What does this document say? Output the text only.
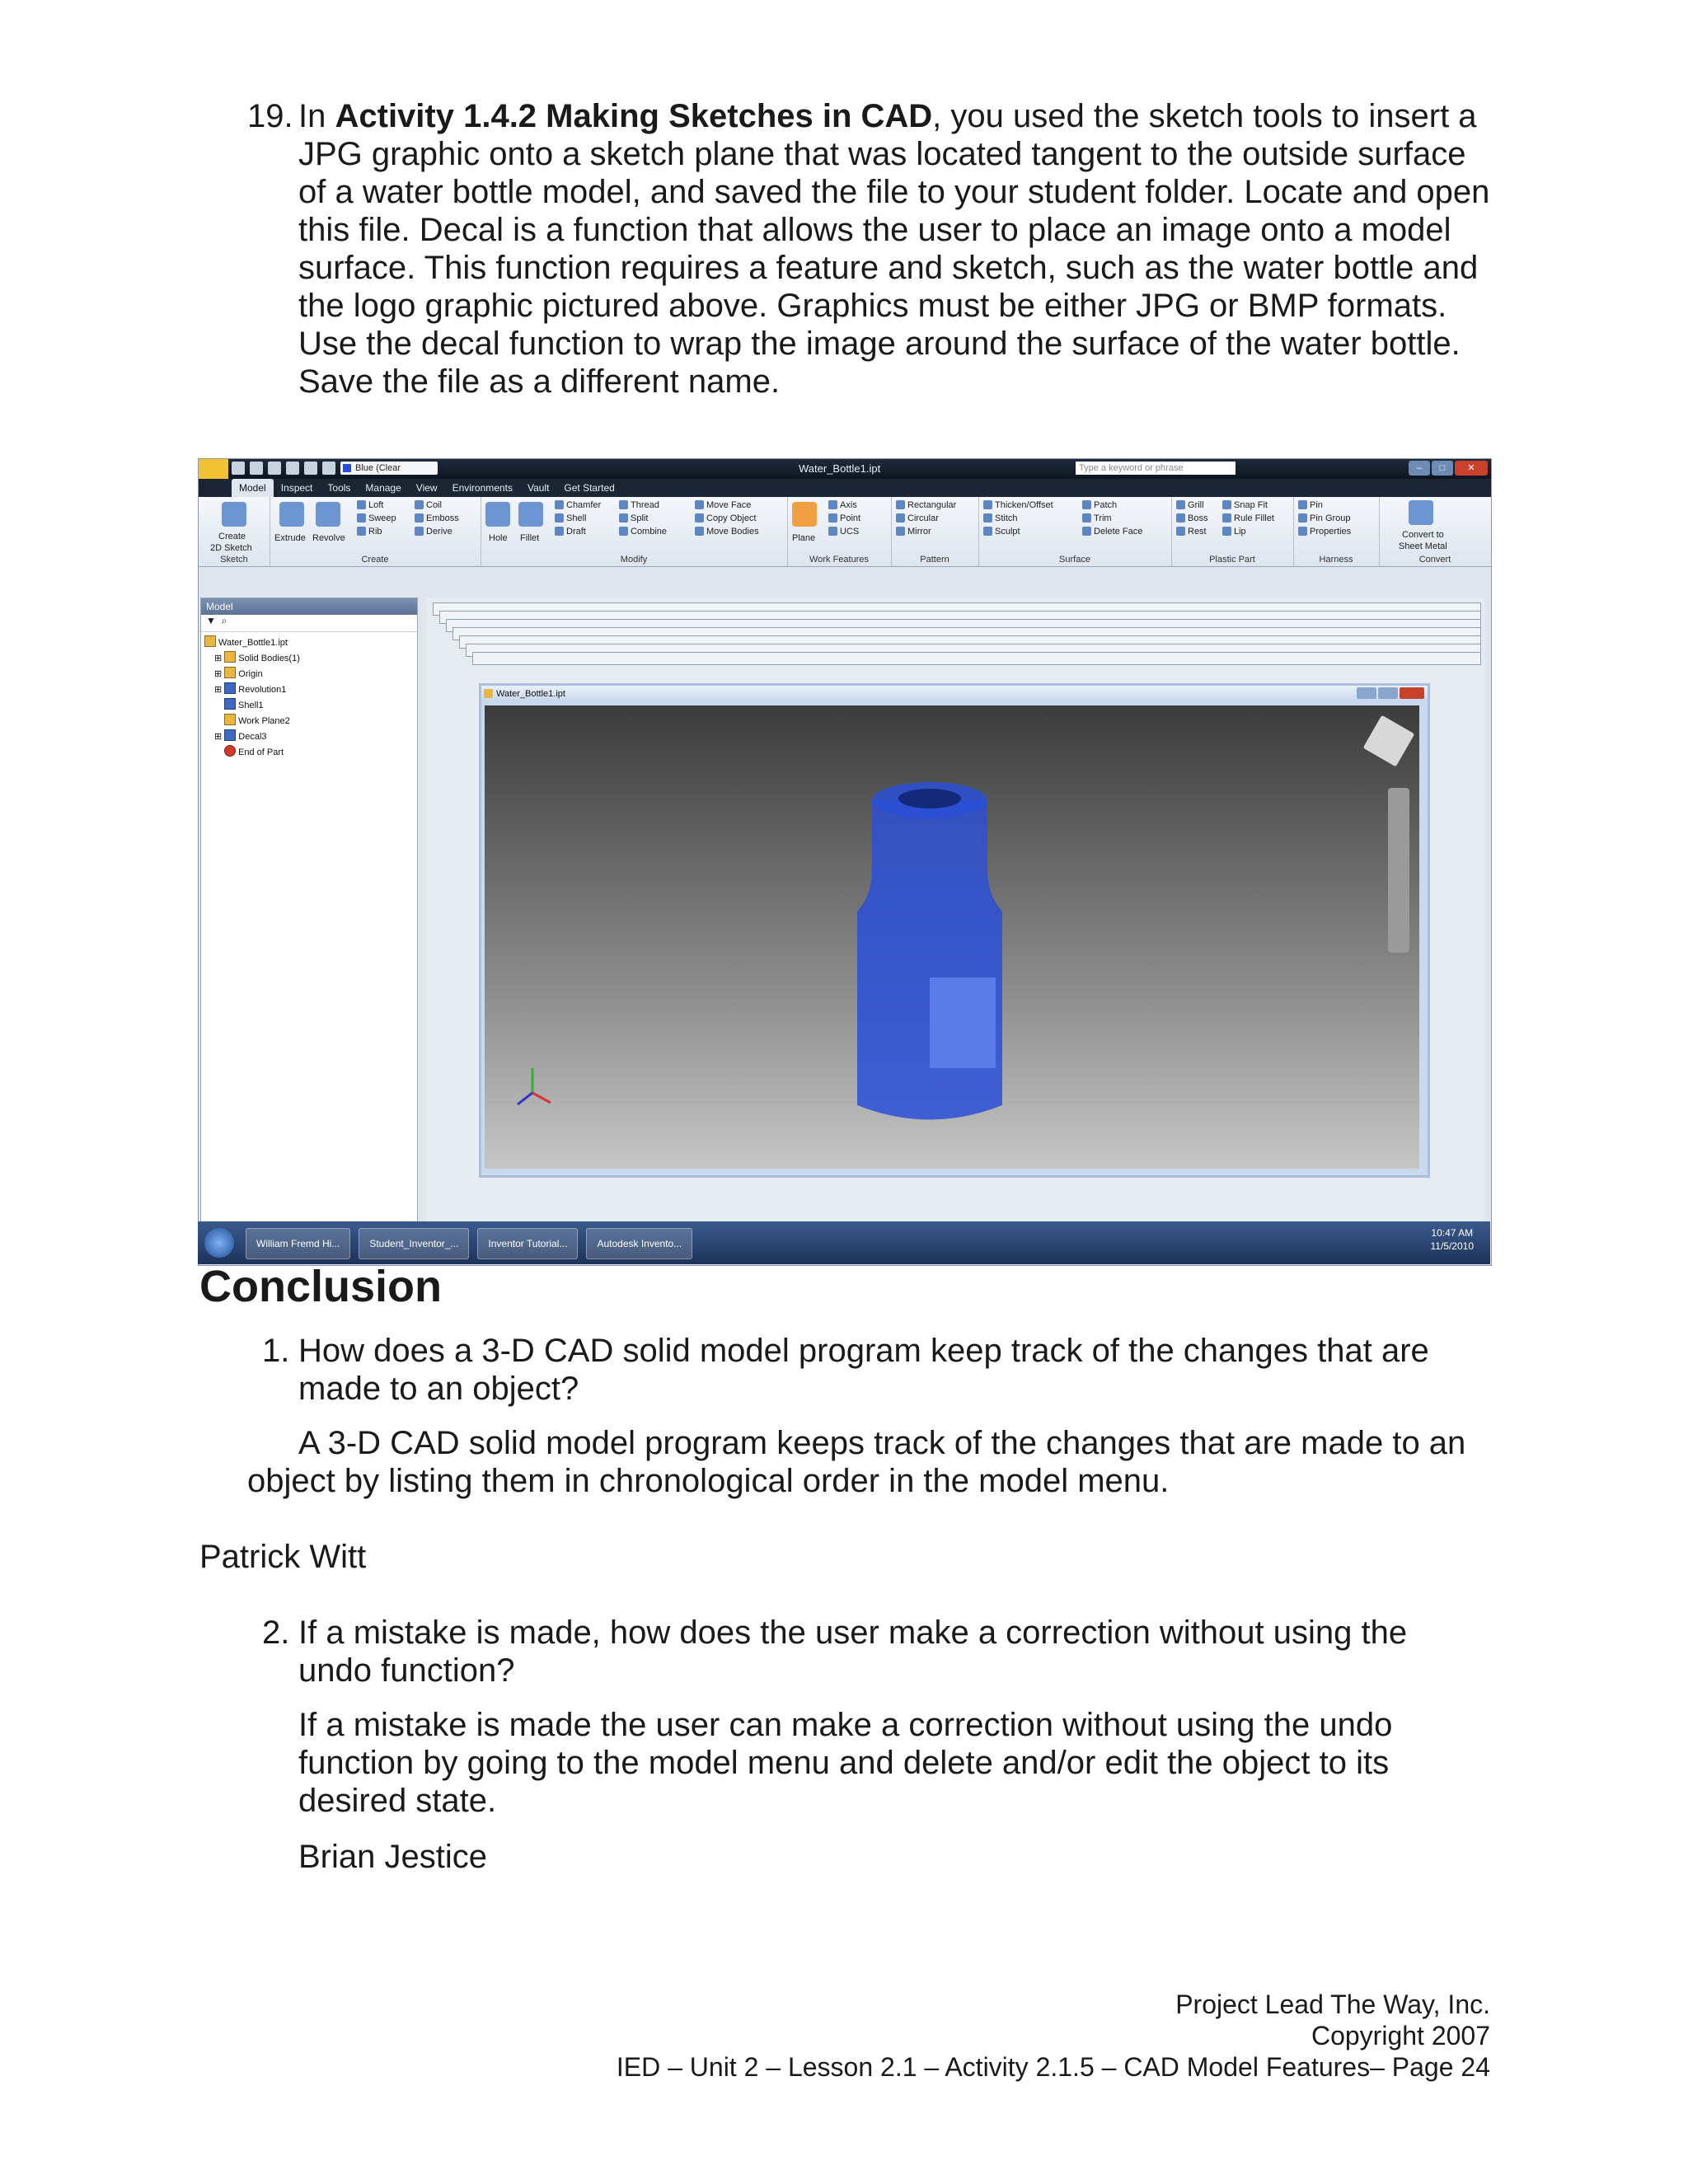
19. In Activity 1.4.2 Making Sketches in CAD, you used the sketch tools to insert a JPG graphic onto a sketch plane that was located tangent to the outside surface of a water bottle model, and saved the file to your student folder. Locate and open this file. Decal is a function that allows the user to place an image onto a model surface. This function requires a feature and sketch, such as the water bottle and the logo graphic pictured above. Graphics must be either JPG or BMP formats. Use the decal function to wrap the image around the surface of the water bottle. Save the file as a different name.
Blue (Clear	Water_Bottle1.ipt	Type a keyword or phrase	–	□	✕
Model Inspect Tools Manage View Environments Vault Get Started
Create
2D Sketch
Sketch
Extrude Revolve
Loft
Sweep
Rib
Coil
Emboss
Derive
Create
Hole Fillet
Chamfer
Shell
Draft
Thread
Split
Combine
Move Face
Copy Object
Move Bodies
Modify
Plane
Axis
Point
UCS
Work Features
Rectangular
Circular
Mirror
Pattern
Thicken/Offset
Stitch
Sculpt
Patch
Trim
Delete Face
Surface
Grill
Boss
Rest
Snap Fit
Rule Fillet
Lip
Plastic Part
Pin
Pin Group
Properties
Harness
Convert to
Sheet Metal
Convert
Model
▼ ⌕
Water_Bottle1.ipt
⊞ Solid Bodies(1)
⊞ Origin
⊞ Revolution1
Shell1
Work Plane2
⊞ Decal3
End of Part
Water_Bottle1.ipt
William Fremd Hi...	Student_Inventor_...	Inventor Tutorial...	Autodesk Invento...
10:47 AM
11/5/2010
Conclusion
1. How does a 3-D CAD solid model program keep track of the changes that are made to an object?
A 3-D CAD solid model program keeps track of the changes that are made to an object by listing them in chronological order in the model menu.
Patrick Witt
2. If a mistake is made, how does the user make a correction without using the undo function?
If a mistake is made the user can make a correction without using the undo function by going to the model menu and delete and/or edit the object to its desired state.
Brian Jestice
Project Lead The Way, Inc.
Copyright 2007
IED – Unit 2 – Lesson 2.1 – Activity 2.1.5 – CAD Model Features– Page 24
